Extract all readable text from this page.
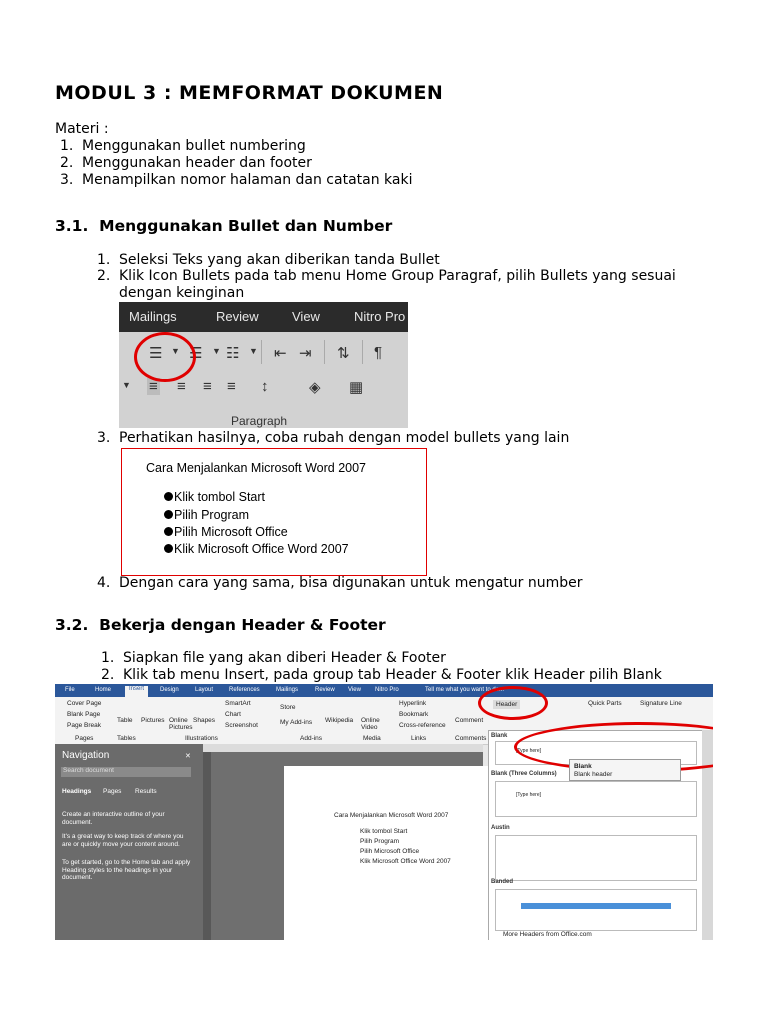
MODUL 3 : MEMFORMAT DOKUMEN
Materi :
1. Menggunakan bullet numbering
2. Menggunakan header dan footer
3. Menampilkan nomor halaman dan catatan kaki
3.1. Menggunakan Bullet dan Number
1. Seleksi Teks yang akan diberikan tanda Bullet
2. Klik Icon Bullets pada tab menu Home Group Paragraf, pilih Bullets yang sesuai
dengan keinginan
Mailings	Review	View	Nitro Pro
☰ ▼ ☰ ▼ ☷ ▼ ⇤ ⇥ ⇅ ¶
▼ ≡ ≡ ≡ ≡ ↕	◈ ▦
Paragraph
3. Perhatikan hasilnya, coba rubah dengan model bullets yang lain
Cara Menjalankan Microsoft Word 2007
Klik tombol Start
Pilih Program
Pilih Microsoft Office
Klik Microsoft Office Word 2007
4. Dengan cara yang sama, bisa digunakan untuk mengatur number
3.2. Bekerja dengan Header & Footer
1. Siapkan file yang akan diberi Header & Footer
2. Klik tab menu Insert, pada group tab Header & Footer klik Header pilih Blank
File	Home	Insert	Design	Layout	References	Mailings	Review View Nitro Pro	Tell me what you want to do...
Cover Page
Blank Page
Page Break
Table Pictures Online Pictures
Shapes
SmartArt
Chart
Screenshot
Store
My Add-ins Wikipedia Online Video
Hyperlink
Bookmark
Cross-reference
Comment
Header	Quick Parts	Signature Line
Pages	Tables	Illustrations	Add-ins	Media	Links	Comments
Navigation	✕
Search document
Headings Pages Results
Create an interactive outline of your document.
It's a great way to keep track of where you are or quickly move your content around.
To get started, go to the Home tab and apply Heading styles to the headings in your document.
Cara Menjalankan Microsoft Word 2007
Klik tombol Start
Pilih Program
Pilih Microsoft Office
Klik Microsoft Office Word 2007
Blank
[Type here]
Blank (Three Columns)
[Type here]
Austin
Banded
More Headers from Office.com
Blank
Blank header
